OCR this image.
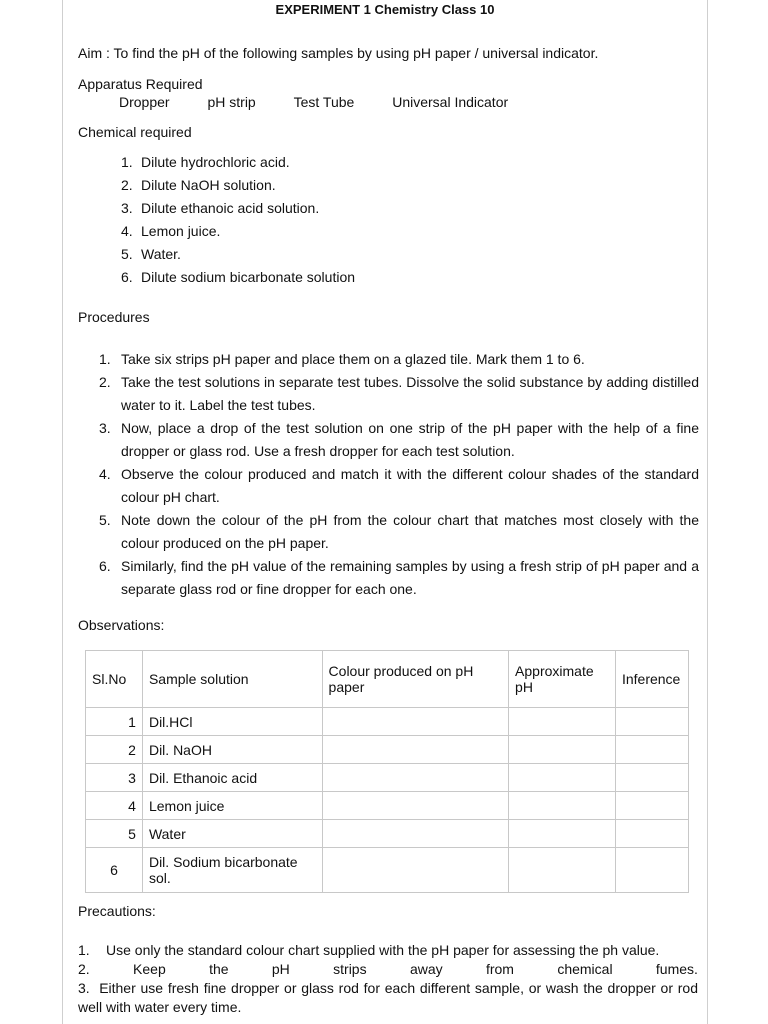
EXPERIMENT 1 Chemistry Class 10
Aim : To find the pH of the following samples by using pH paper / universal indicator.
Apparatus Required
Dropper	pH strip	Test Tube	Universal Indicator
Chemical required
1. Dilute hydrochloric acid.
2. Dilute NaOH solution.
3. Dilute ethanoic acid solution.
4. Lemon juice.
5. Water.
6. Dilute sodium bicarbonate solution
Procedures
1. Take six strips pH paper and place them on a glazed tile. Mark them 1 to 6.
2. Take the test solutions in separate test tubes. Dissolve the solid substance by adding distilled water to it. Label the test tubes.
3. Now, place a drop of the test solution on one strip of the pH paper with the help of a fine dropper or glass rod. Use a fresh dropper for each test solution.
4. Observe the colour produced and match it with the different colour shades of the standard colour pH chart.
5. Note down the colour of the pH from the colour chart that matches most closely with the colour produced on the pH paper.
6. Similarly, find the pH value of the remaining samples by using a fresh strip of pH paper and a separate glass rod or fine dropper for each one.
Observations:
Sl.No	Sample solution	Colour produced on pH paper	Approximate pH	Inference
1	Dil.HCl			
2	Dil. NaOH			
3	Dil. Ethanoic acid			
4	Lemon juice			
5	Water			
6	Dil. Sodium bicarbonate sol.			
Precautions:
1. Use only the standard colour chart supplied with the pH paper for assessing the ph value.
2.	Keep	the	pH	strips	away	from	chemical	fumes.
3.  Either use fresh fine dropper or glass rod for each different sample, or wash the dropper or rod well with water every time.
